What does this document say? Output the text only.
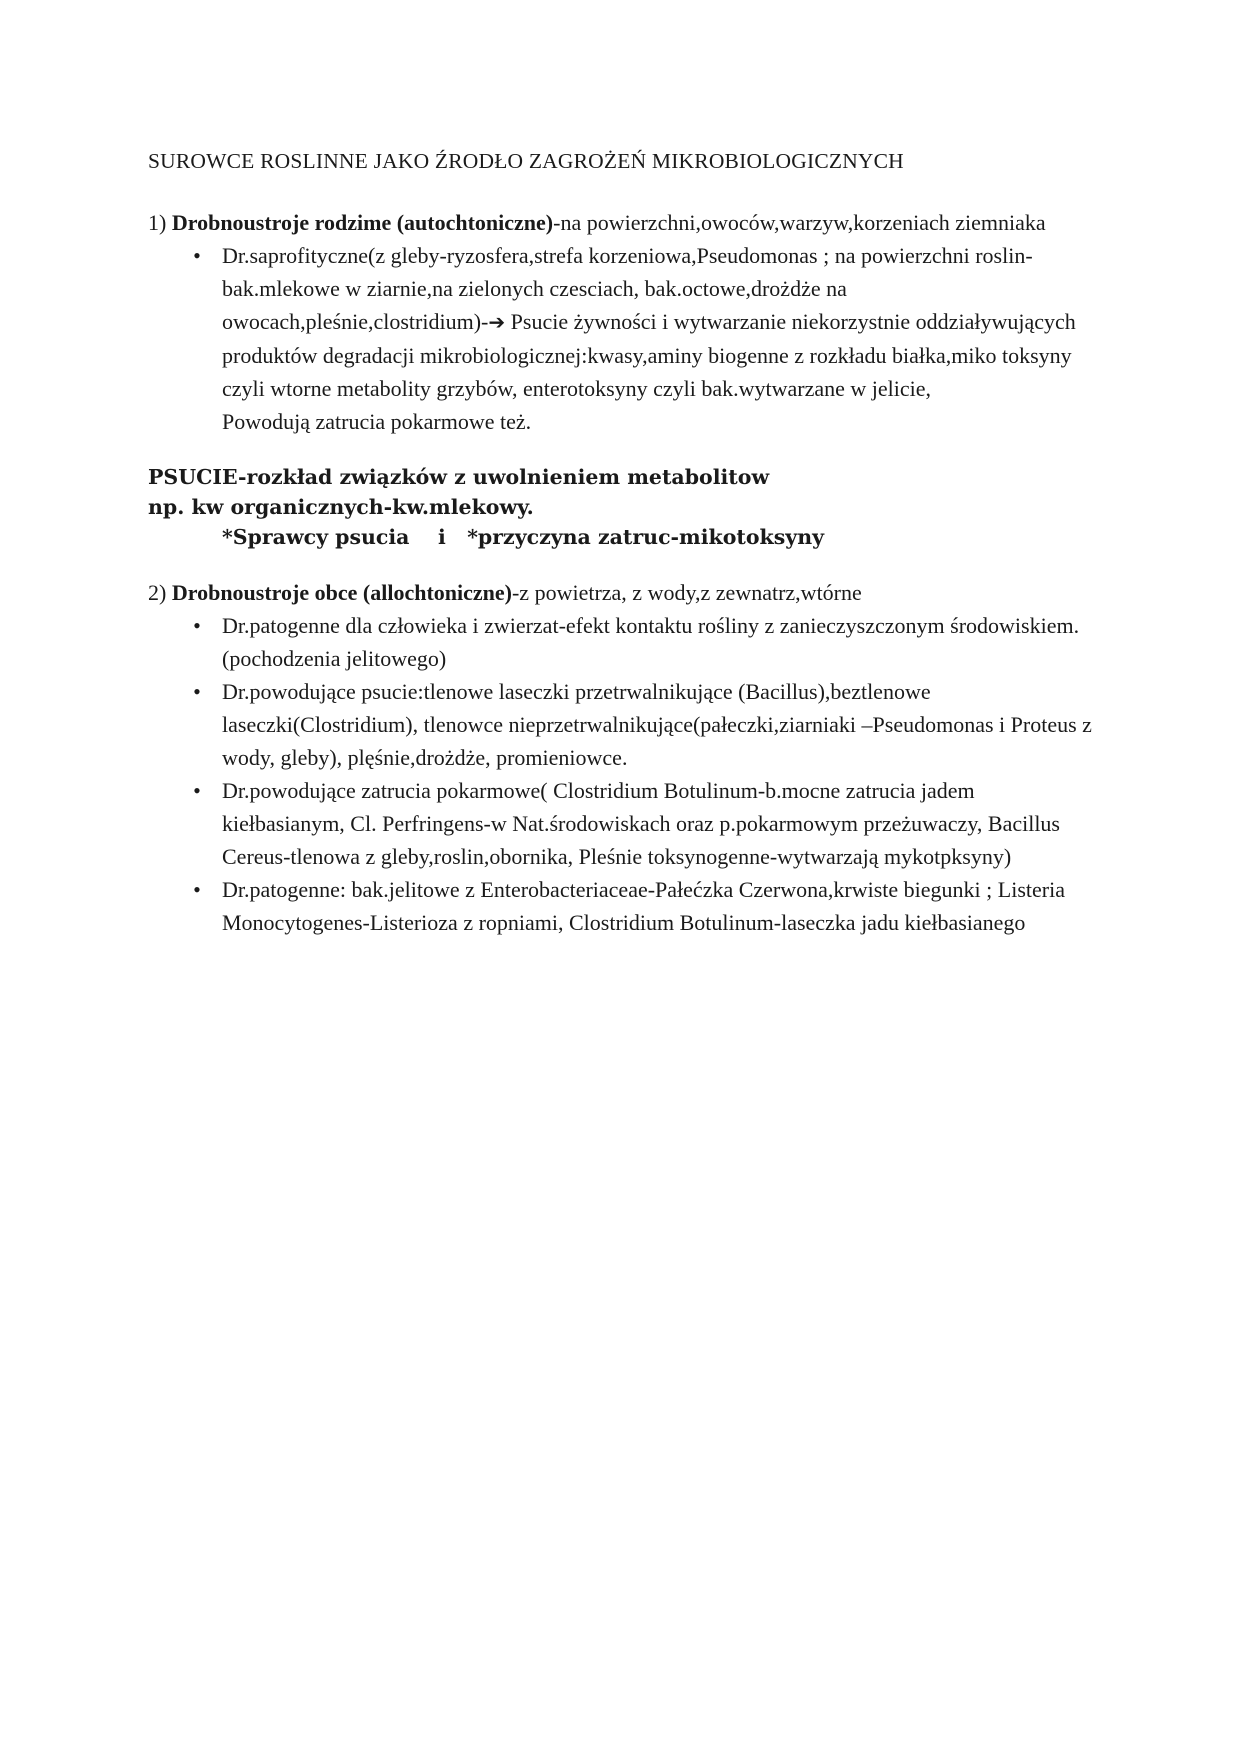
SUROWCE ROSLINNE JAKO ŹRODŁO ZAGROŻEŃ MIKROBIOLOGICZNYCH

1) Drobnoustroje rodzime (autochtoniczne)-na powierzchni,owoców,warzyw,korzeniach ziemniaka

• Dr.saprofityczne(z gleby-ryzosfera,strefa korzeniowa,Pseudomonas ; na powierzchni roslin-bak.mlekowe w ziarnie,na zielonych czesciach, bak.octowe,drożdże na owocach,pleśnie,clostridium)-➔ Psucie żywności i wytwarzanie niekorzystnie oddziaływujących produktów degradacji mikrobiologicznej:kwasy,aminy biogenne z rozkładu białka,miko toksyny czyli wtorne metabolity grzybów, enterotoksyny czyli bak.wytwarzane w jelicie,
Powodują zatrucia pokarmowe też.
PSUCIE-rozkład związków z uwolnieniem metabolitow np. kw organicznych-kw.mlekowy.
*Sprawcy psucia    i   *przyczyna zatruc-mikotoksyny

2) Drobnoustroje obce (allochtoniczne)-z powietrza, z wody,z zewnatrz,wtórne

• Dr.patogenne dla człowieka i zwierzat-efekt kontaktu rośliny z zanieczyszczonym środowiskiem.(pochodzenia jelitowego)
• Dr.powodujące psucie:tlenowe laseczki przetrwalnikujące (Bacillus),beztlenowe laseczki(Clostridium), tlenowce nieprzetrwalnikujące(pałeczki,ziarniaki –Pseudomonas i Proteus z wody, gleby), plęśnie,drożdże, promieniowce.
• Dr.powodujące zatrucia pokarmowe( Clostridium Botulinum-b.mocne zatrucia jadem kiełbasianym, Cl. Perfringens-w Nat.środowiskach oraz p.pokarmowym przeżuwaczy, Bacillus Cereus-tlenowa z gleby,roslin,obornika, Pleśnie toksynogenne-wytwarzają mykotpksyny)
• Dr.patogenne: bak.jelitowe z Enterobacteriaceae-Pałećzka Czerwona,krwiste biegunki ; Listeria Monocytogenes-Listerioza z ropniami, Clostridium Botulinum-laseczka jadu kiełbasianego
